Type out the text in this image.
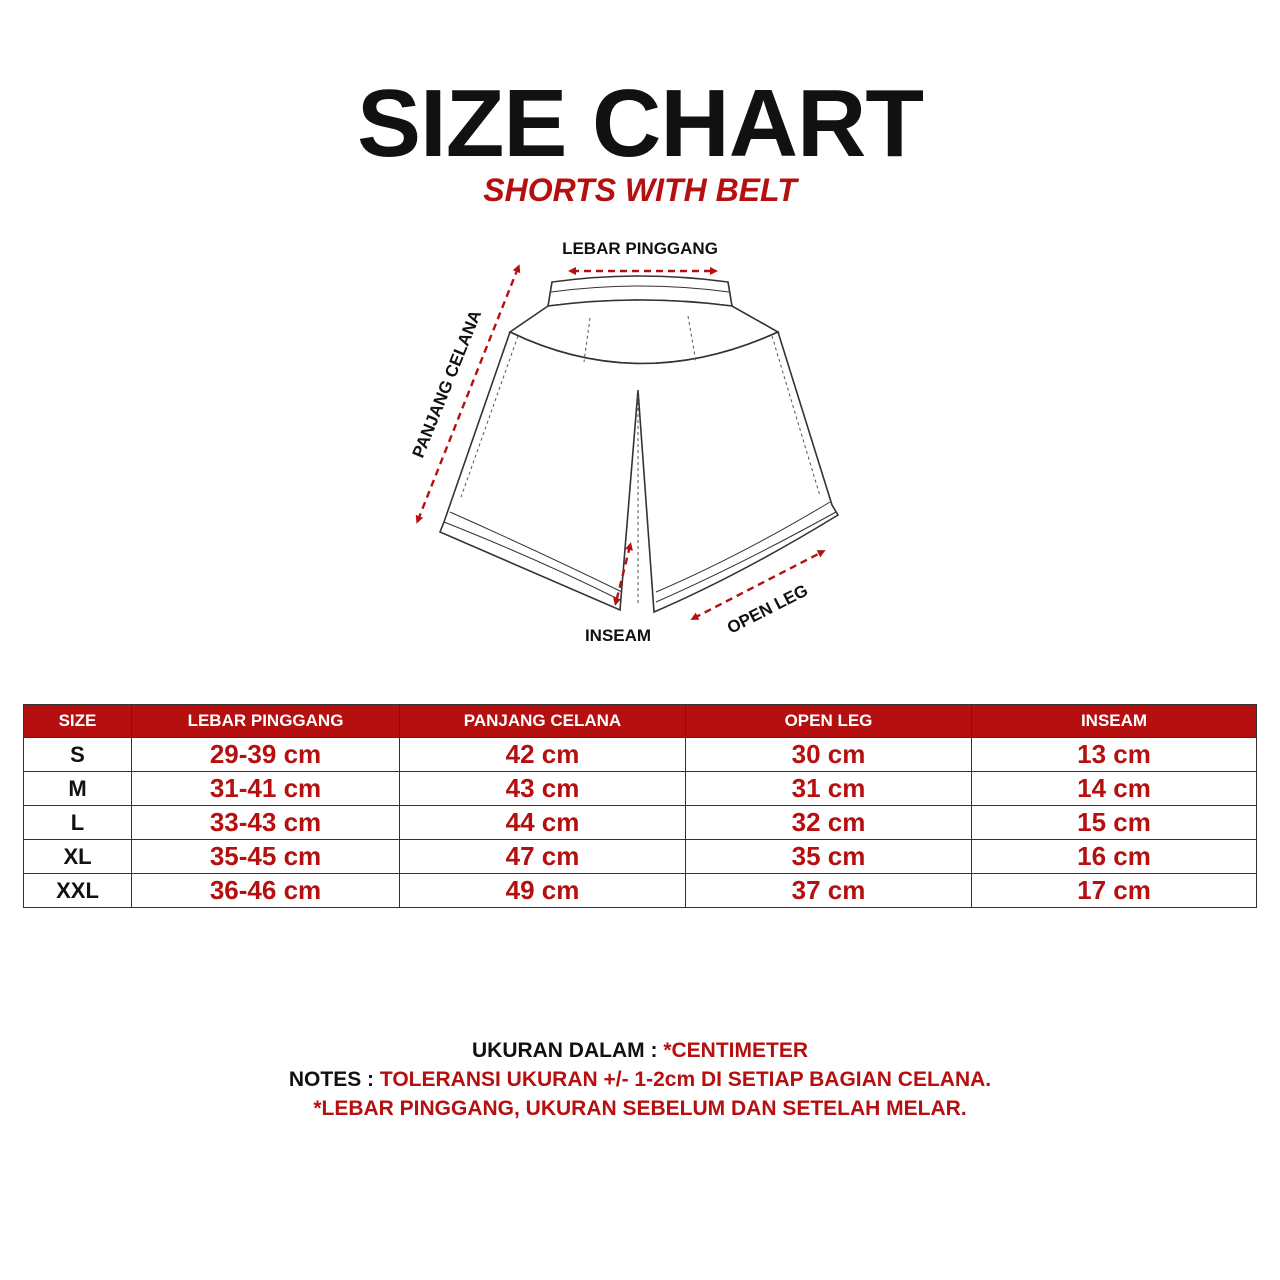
SIZE CHART
SHORTS WITH BELT
LEBAR PINGGANG
PANJANG CELANA
INSEAM	OPEN LEG
SIZE	LEBAR PINGGANG	PANJANG CELANA	OPEN LEG	INSEAM
S	29-39 cm	42 cm	30 cm	13 cm
M	31-41 cm	43 cm	31 cm	14 cm
L	33-43 cm	44 cm	32 cm	15 cm
XL	35-45 cm	47 cm	35 cm	16 cm
XXL	36-46 cm	49 cm	37 cm	17 cm
UKURAN DALAM : *CENTIMETER
NOTES : TOLERANSI UKURAN +/- 1-2cm DI SETIAP BAGIAN CELANA.
*LEBAR PINGGANG, UKURAN SEBELUM DAN SETELAH MELAR.
